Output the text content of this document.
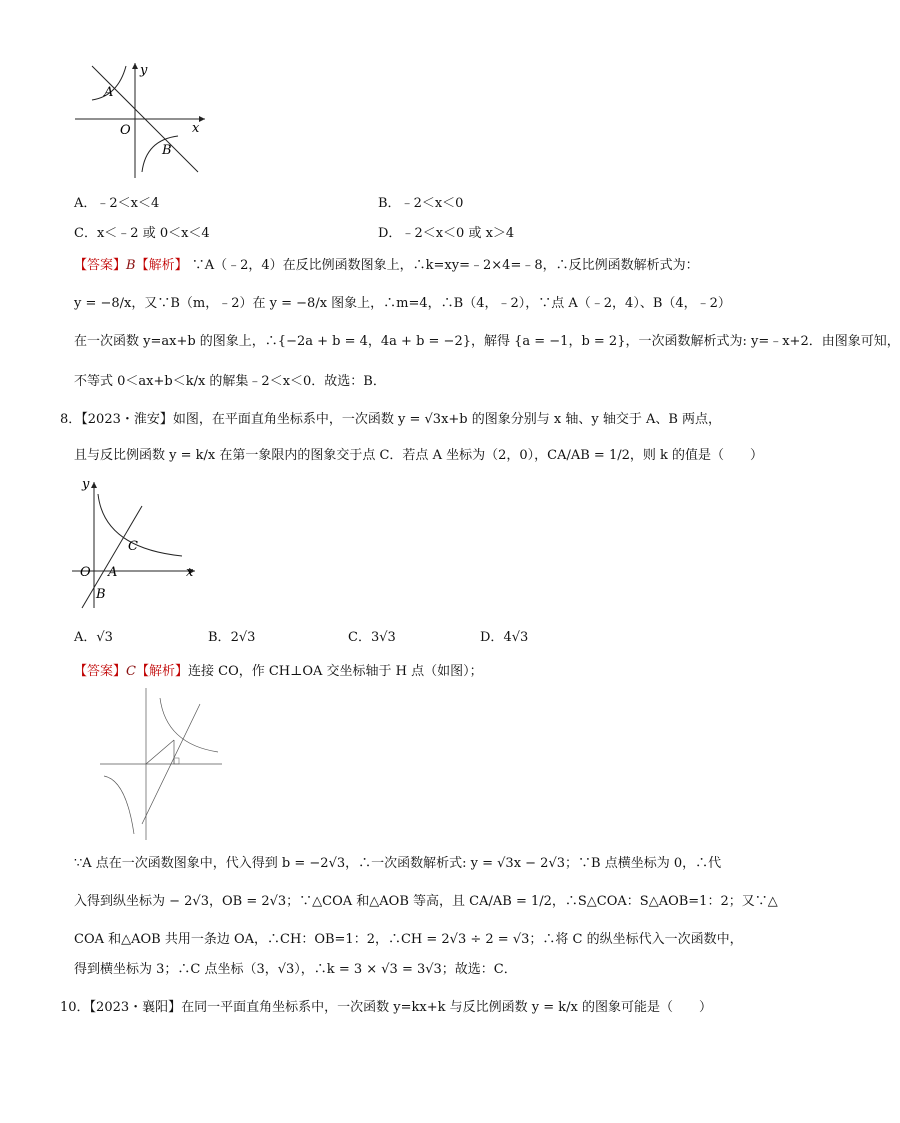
A
B
O	x
y
A．﹣2＜x＜4	B．﹣2＜x＜0
C．x＜﹣2 或 0＜x＜4	D．﹣2＜x＜0 或 x＞4
【答案】B【解析】 ∵A（﹣2，4）在反比例函数图象上，∴k=xy=﹣2×4=﹣8，∴反比例函数解析式为：
y = −8/x，又∵B（m，﹣2）在 y = −8/x 图象上，∴m=4，∴B（4，﹣2），∵点 A（﹣2，4）、B（4，﹣2）
在一次函数 y=ax+b 的图象上，∴{−2a + b = 4，4a + b = −2}，解得 {a = −1，b = 2}，一次函数解析式为: y=﹣x+2．由图象可知，
不等式 0＜ax+b＜k/x 的解集﹣2＜x＜0．故选：B．
8．【2023・淮安】如图，在平面直角坐标系中，一次函数 y = √3x+b 的图象分别与 x 轴、y 轴交于 A、B 两点，
且与反比例函数 y = k/x 在第一象限内的图象交于点 C．若点 A 坐标为（2，0），CA/AB = 1/2，则 k 的值是（　　）
y
O A
B
C
x
A．√3	B．2√3	C．3√3	D．4√3
【答案】C【解析】连接 CO，作 CH⊥OA 交坐标轴于 H 点（如图）；
∵A 点在一次函数图象中，代入得到 b = −2√3，∴一次函数解析式: y = √3x − 2√3；∵B 点横坐标为 0，∴代
入得到纵坐标为 − 2√3，OB = 2√3；∵△COA 和△AOB 等高，且 CA/AB = 1/2，∴S△COA：S△AOB=1：2；又∵△
COA 和△AOB 共用一条边 OA，∴CH：OB=1：2，∴CH = 2√3 ÷ 2 = √3；∴将 C 的纵坐标代入一次函数中，
得到横坐标为 3；∴C 点坐标（3，√3），∴k = 3 × √3 = 3√3；故选：C．
10．【2023・襄阳】在同一平面直角坐标系中，一次函数 y=kx+k 与反比例函数 y = k/x 的图象可能是（　　）
